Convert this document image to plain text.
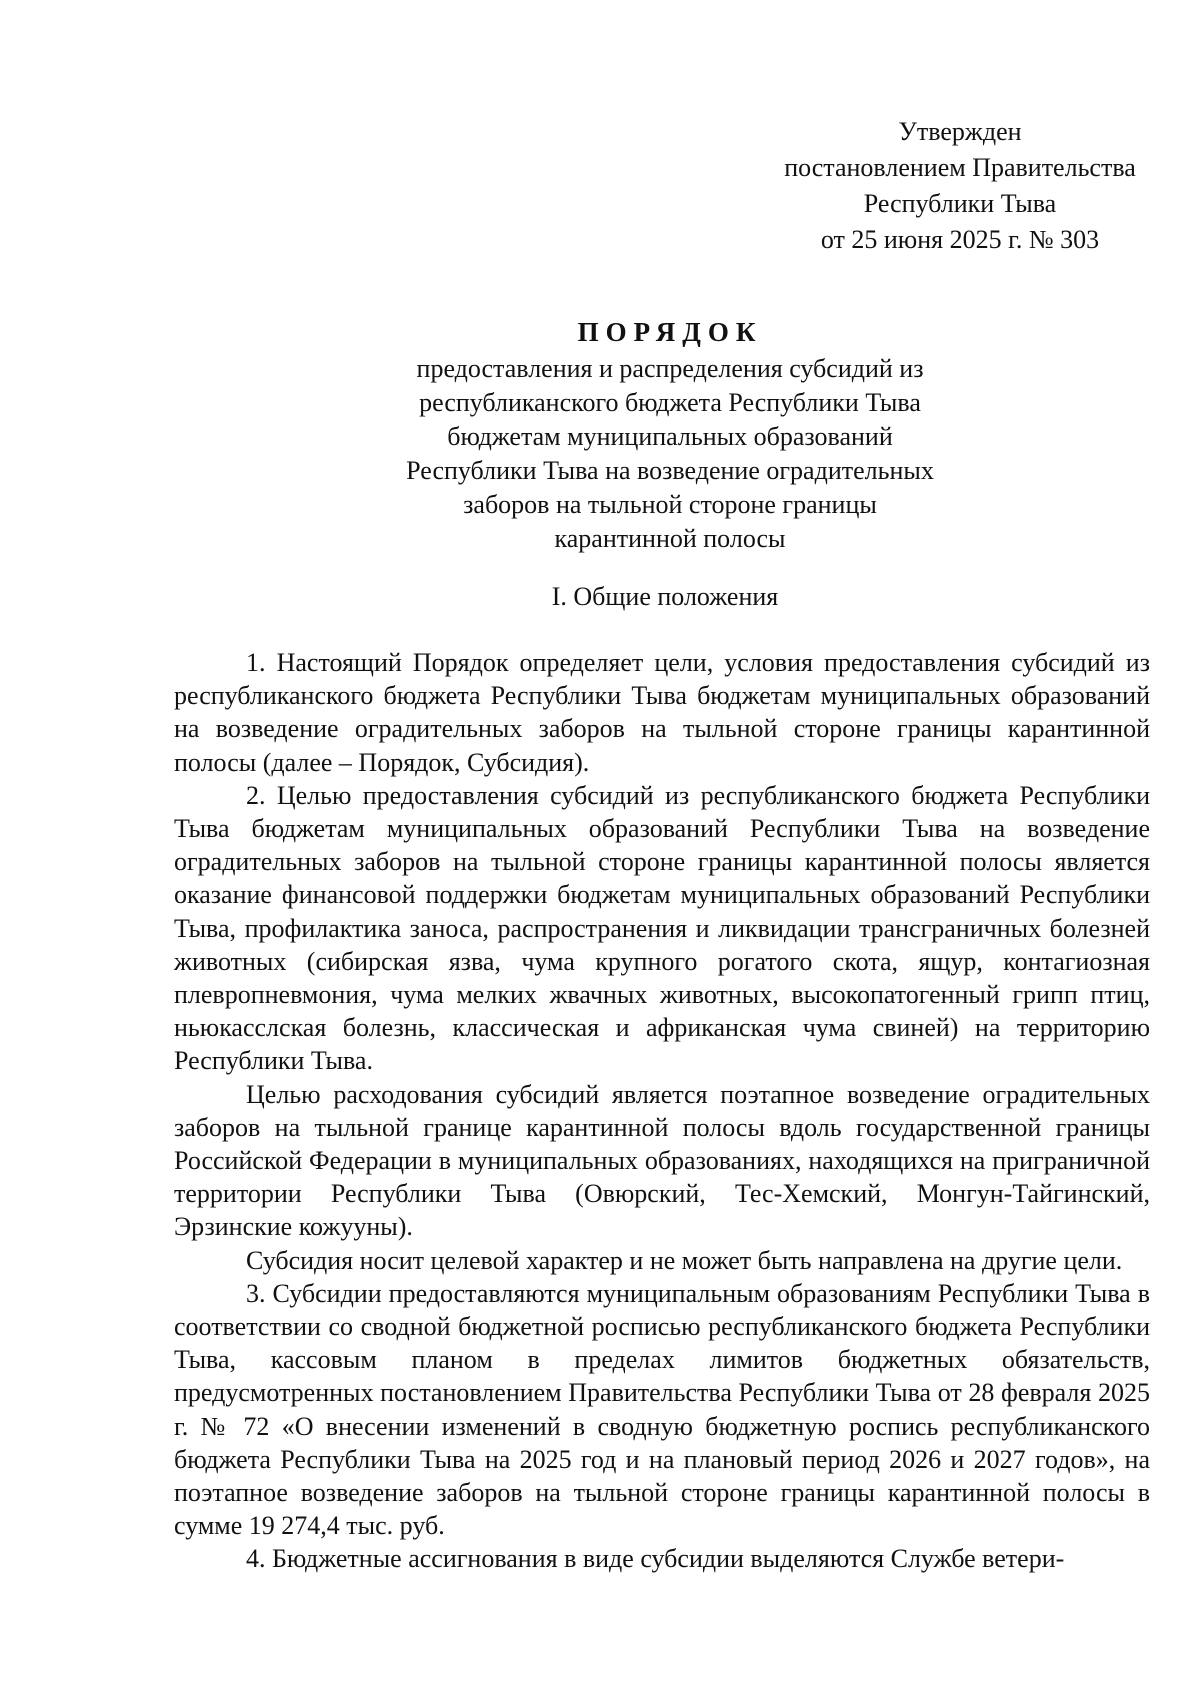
Утвержден
постановлением Правительства
Республики Тыва
от 25 июня 2025 г. № 303
ПОРЯДОК
предоставления и распределения субсидий из
республиканского бюджета Республики Тыва
бюджетам муниципальных образований
Республики Тыва на возведение оградительных
заборов на тыльной стороне границы
карантинной полосы
I. Общие положения

1. Настоящий Порядок определяет цели, условия предоставления субсидий из республиканского бюджета Республики Тыва бюджетам муниципальных образований на возведение оградительных заборов на тыльной стороне границы карантинной полосы (далее – Порядок, Субсидия).

2. Целью предоставления субсидий из республиканского бюджета Республики Тыва бюджетам муниципальных образований Республики Тыва на возведение оградительных заборов на тыльной стороне границы карантинной полосы является оказание финансовой поддержки бюджетам муниципальных образований Республики Тыва, профилактика заноса, распространения и ликвидации трансграничных болезней животных (сибирская язва, чума крупного рогатого скота, ящур, контагиозная плевропневмония, чума мелких жвачных животных, высокопатогенный грипп птиц, ньюкасслская болезнь, классическая и африканская чума свиней) на территорию Республики Тыва.

Целью расходования субсидий является поэтапное возведение оградительных заборов на тыльной границе карантинной полосы вдоль государственной границы Российской Федерации в муниципальных образованиях, находящихся на приграничной территории Республики Тыва (Овюрский, Тес-Хемский, Монгун-Тайгинский, Эрзинские кожууны).

Субсидия носит целевой характер и не может быть направлена на другие цели.

3. Субсидии предоставляются муниципальным образованиям Республики Тыва в соответствии со сводной бюджетной росписью республиканского бюджета Республики Тыва, кассовым планом в пределах лимитов бюджетных обязательств, предусмотренных постановлением Правительства Республики Тыва от 28 февраля 2025 г. № 72 «О внесении изменений в сводную бюджетную роспись республиканского бюджета Республики Тыва на 2025 год и на плановый период 2026 и 2027 годов», на поэтапное возведение заборов на тыльной стороне границы карантинной полосы в сумме 19 274,4 тыс. руб.

4. Бюджетные ассигнования в виде субсидии выделяются Службе ветери-
